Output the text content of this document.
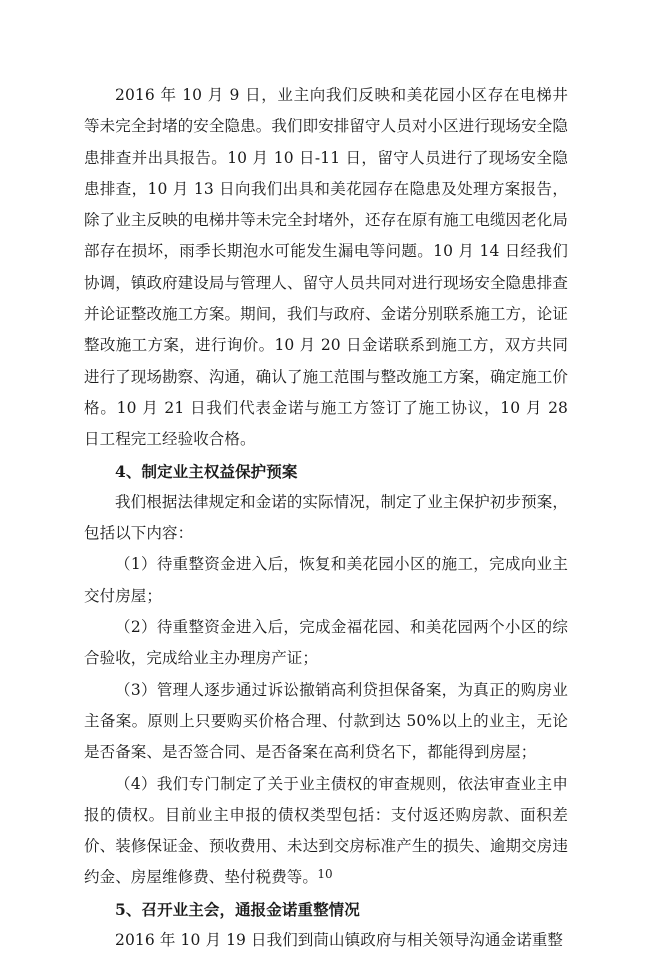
2016 年 10 月 9 日，业主向我们反映和美花园小区存在电梯井等未完全封堵的安全隐患。我们即安排留守人员对小区进行现场安全隐患排查并出具报告。10 月 10 日-11 日，留守人员进行了现场安全隐患排查，10 月 13 日向我们出具和美花园存在隐患及处理方案报告，除了业主反映的电梯井等未完全封堵外，还存在原有施工电缆因老化局部存在损坏，雨季长期泡水可能发生漏电等问题。10 月 14 日经我们协调，镇政府建设局与管理人、留守人员共同对进行现场安全隐患排查并论证整改施工方案。期间，我们与政府、金诺分别联系施工方，论证整改施工方案，进行询价。10 月 20 日金诺联系到施工方，双方共同进行了现场勘察、沟通，确认了施工范围与整改施工方案，确定施工价格。10 月 21 日我们代表金诺与施工方签订了施工协议，10 月 28 日工程完工经验收合格。

4、制定业主权益保护预案

我们根据法律规定和金诺的实际情况，制定了业主保护初步预案，包括以下内容：

（1）待重整资金进入后，恢复和美花园小区的施工，完成向业主交付房屋；

（2）待重整资金进入后，完成金福花园、和美花园两个小区的综合验收，完成给业主办理房产证；

（3）管理人逐步通过诉讼撤销高利贷担保备案，为真正的购房业主备案。原则上只要购买价格合理、付款到达 50%以上的业主，无论是否备案、是否签合同、是否备案在高利贷名下，都能得到房屋；

（4）我们专门制定了关于业主债权的审查规则，依法审查业主申报的债权。目前业主申报的债权类型包括：支付返还购房款、面积差价、装修保证金、预收费用、未达到交房标准产生的损失、逾期交房违约金、房屋维修费、垫付税费等。

5、召开业主会，通报金诺重整情况

2016 年 10 月 19 日我们到茼山镇政府与相关领导沟通金诺重整

10
